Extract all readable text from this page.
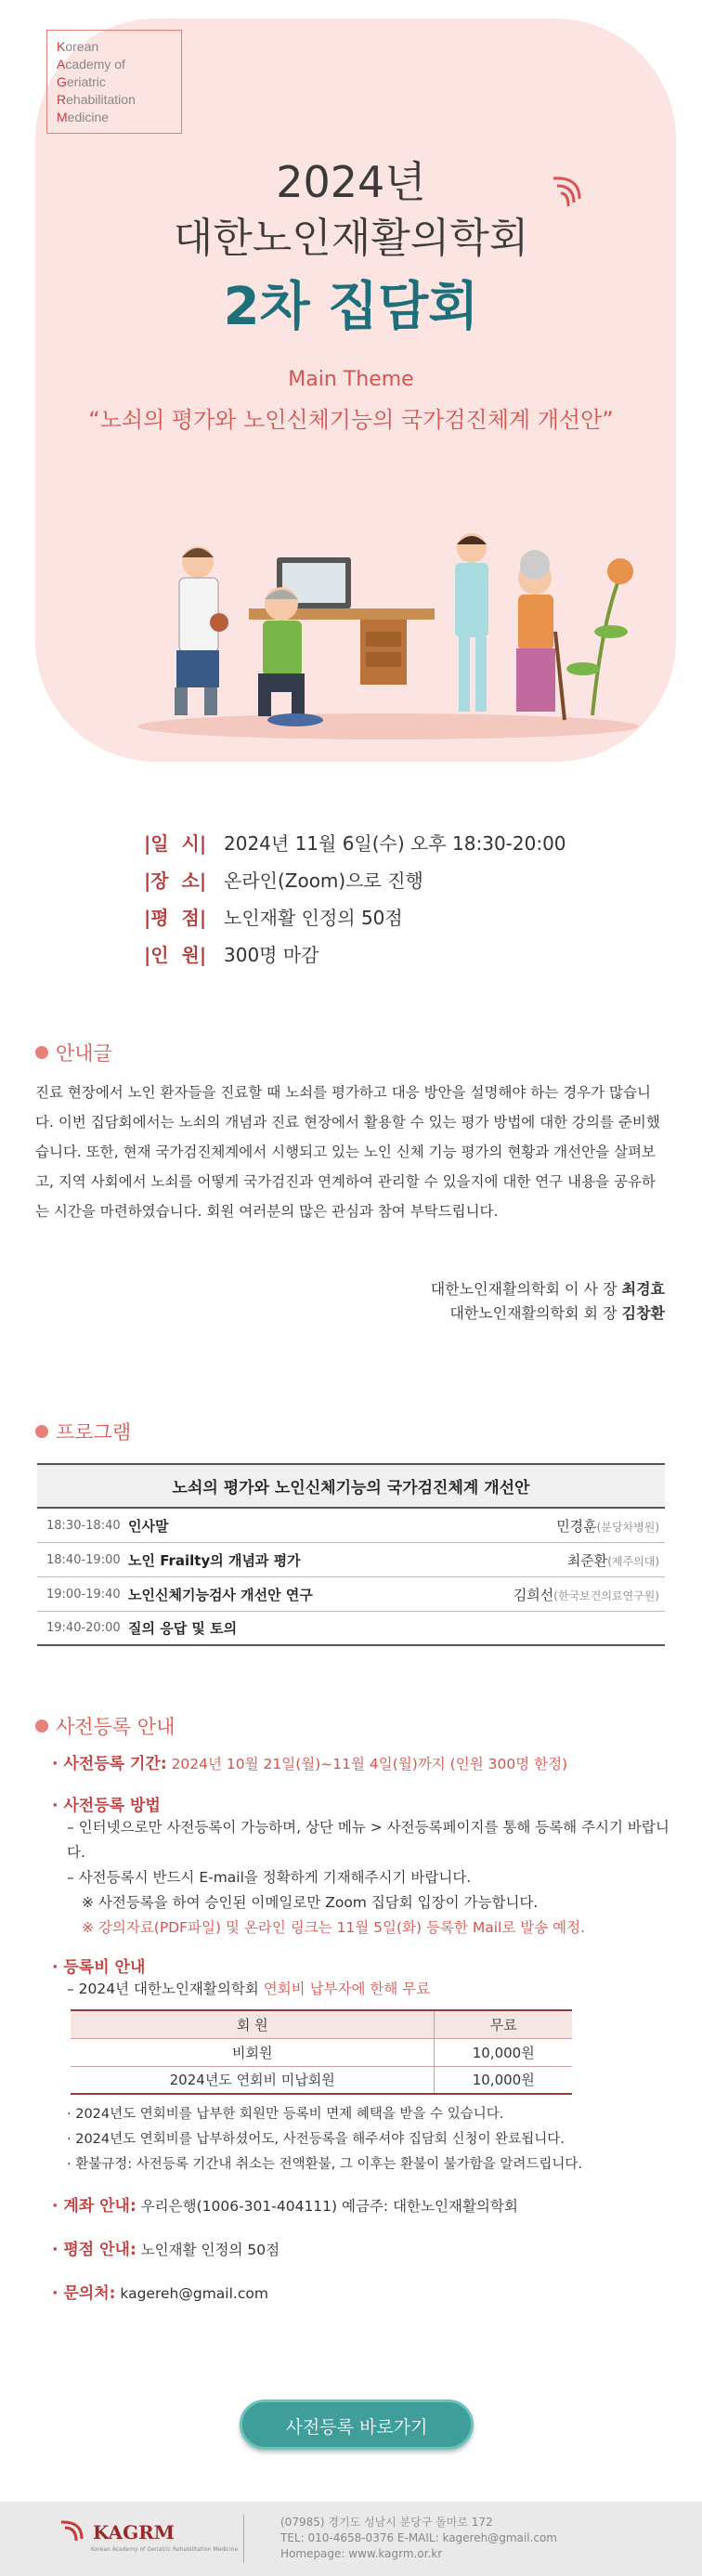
Korean
Academy of
Geriatric
Rehabilitation
Medicine
2024년
대한노인재활의학회
2차 집담회
Main Theme
“노쇠의 평가와 노인신체기능의 국가검진체계 개선안”
|일  시| 2024년 11월 6일(수) 오후 18:30-20:00
|장  소| 온라인(Zoom)으로 진행
|평  점| 노인재활 인정의 50점
|인  원| 300명 마감
안내글
진료 현장에서 노인 환자들을 진료할 때 노쇠를 평가하고 대응 방안을 설명해야 하는 경우가 많습니다. 이번 집담회에서는 노쇠의 개념과 진료 현장에서 활용할 수 있는 평가 방법에 대한 강의를 준비했습니다. 또한, 현재 국가검진체계에서 시행되고 있는 노인 신체 기능 평가의 현황과 개선안을 살펴보고, 지역 사회에서 노쇠를 어떻게 국가검진과 연계하여 관리할 수 있을지에 대한 연구 내용을 공유하는 시간을 마련하였습니다. 회원 여러분의 많은 관심과 참여 부탁드립니다.
대한노인재활의학회 이 사 장 최경효
대한노인재활의학회 회 장 김창환
프로그램
노쇠의 평가와 노인신체기능의 국가검진체계 개선안
18:30-18:40 인사말	민경훈(분당차병원)
18:40-19:00 노인 Frailty의 개념과 평가	최준환(제주의대)
19:00-19:40 노인신체기능검사 개선안 연구	김희선(한국보건의료연구원)
19:40-20:00 질의 응답 및 토의
사전등록 안내
· 사전등록 기간: 2024년 10월 21일(월)~11월 4일(월)까지 (인원 300명 한정)
· 사전등록 방법
– 인터넷으로만 사전등록이 가능하며, 상단 메뉴 > 사전등록페이지를 통해 등록해 주시기 바랍니다.
– 사전등록시 반드시 E-mail을 정확하게 기재해주시기 바랍니다.
※ 사전등록을 하여 승인된 이메일로만 Zoom 집담회 입장이 가능합니다.
※ 강의자료(PDF파일) 및 온라인 링크는 11월 5일(화) 등록한 Mail로 발송 예정.
· 등록비 안내
– 2024년 대한노인재활의학회 연회비 납부자에 한해 무료
회 원	무료
비회원	10,000원
2024년도 연회비 미납회원	10,000원
· 2024년도 연회비를 납부한 회원만 등록비 면제 혜택을 받을 수 있습니다.
· 2024년도 연회비를 납부하셨어도, 사전등록을 해주셔야 집담회 신청이 완료됩니다.
· 환불규정: 사전등록 기간내 취소는 전액환불, 그 이후는 환불이 불가함을 알려드립니다.
· 계좌 안내: 우리은행(1006-301-404111) 예금주: 대한노인재활의학회
· 평점 안내: 노인재활 인정의 50점
· 문의처: kagereh@gmail.com
사전등록 바로가기
KAGRM
Korean Academy of Geriatric Rehabilitation Medicine
(07985) 경기도 성남시 분당구 돌마로 172
TEL: 010-4658-0376 E-MAIL: kagereh@gmail.com
Homepage: www.kagrm.or.kr
